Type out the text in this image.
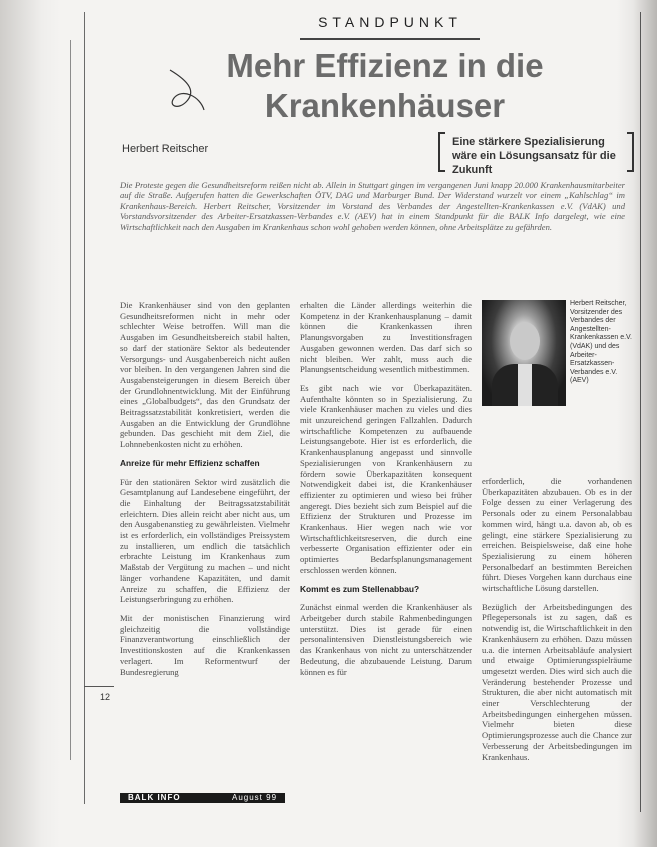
STANDPUNKT
Mehr Effizienz in die
Krankenhäuser
Herbert Reitscher
Eine stärkere Spezialisierung wäre ein Lösungsansatz für die Zukunft
Die Proteste gegen die Gesundheitsreform reißen nicht ab. Allein in Stuttgart gingen im vergangenen Juni knapp 20.000 Krankenhausmitarbeiter auf die Straße. Aufgerufen hatten die Gewerkschaften ÖTV, DAG und Marburger Bund. Der Widerstand wurzelt vor einem „Kahlschlag“ im Krankenhaus-Bereich. Herbert Reitscher, Vorsitzender im Vorstand des Verbandes der Angestellten-Krankenkassen e.V. (VdAK) und Vorstandsvorsitzender des Arbeiter-Ersatzkassen-Verbandes e.V. (AEV) hat in einem Standpunkt für die BALK Info dargelegt, wie eine Wirtschaftlichkeit nach den Ausgaben im Krankenhaus schon wohl gehoben werden können, ohne Arbeitsplätze zu gefährden.

Die Krankenhäuser sind von den geplanten Gesundheitsreformen nicht in mehr oder schlechter Weise betroffen. Will man die Ausgaben im Gesundheitsbereich stabil halten, so darf der stationäre Sektor als bedeutender Versorgungs- und Ausgabenbereich nicht außen vor bleiben. In den vergangenen Jahren sind die Ausgabensteigerungen in diesem Bereich über der Grundlohnentwicklung. Mit der Einführung eines „Globalbudgets“, das den Grundsatz der Beitragssatzstabilität konkretisiert, werden die Ausgaben an die Entwicklung der Grundlöhne gebunden. Das geschieht mit dem Ziel, die Lohnnebenkosten nicht zu erhöhen.

Anreize für mehr Effizienz schaffen

Für den stationären Sektor wird zusätzlich die Gesamtplanung auf Landesebene eingeführt, der die Einhaltung der Beitragssatzstabilität erleichtern. Dies allein reicht aber nicht aus, um den Ausgabenanstieg zu gewährleisten. Vielmehr ist es erforderlich, ein vollständiges Preissystem zu installieren, um endlich die tatsächlich erbrachte Leistung im Krankenhaus zum Maßstab der Vergütung zu machen – und nicht länger vorhandene Kapazitäten, und damit Anreize zu schaffen, die Effizienz der Leistungserbringung zu erhöhen.

Mit der monistischen Finanzierung wird gleichzeitig die vollständige Finanzverantwortung einschließlich der Investitionskosten auf die Krankenkassen verlagert. Im Reformentwurf der Bundesregierung

erhalten die Länder allerdings weiterhin die Kompetenz in der Krankenhausplanung – damit können die Krankenkassen ihren Planungsvorgaben zu Investitionsfragen Ausgaben gewonnen werden. Das darf sich so nicht bleiben. Wer zahlt, muss auch die Planungsentscheidung wesentlich mitbestimmen.

Es gibt nach wie vor Überkapazitäten. Aufenthalte könnten so in Spezialisierung. Zu viele Krankenhäuser machen zu vieles und dies mit unzureichend geringen Fallzahlen. Dadurch wirtschaftliche Kompetenzen zu aufbauende Leistungsangebote. Hier ist es erforderlich, die Krankenhausplanung angepasst und sinnvolle Spezialisierungen von Krankenhäusern zu fördern sowie Überkapazitäten konsequent Notwendigkeit dabei ist, die Krankenhäuser effizienter zu optimieren und wieso bei früher angeregt. Dies bezieht sich zum Beispiel auf die Effizienz der Strukturen und Prozesse im Krankenhaus. Hier wegen nach wie vor Wirtschaftlichkeitsreserven, die durch eine verbesserte Organisation effizienter oder ein optimiertes Bedarfsplanungsmanagement erschlossen werden können.

Kommt es zum Stellenabbau?

Zunächst einmal werden die Krankenhäuser als Arbeitgeber durch stabile Rahmenbedingungen unterstützt. Dies ist gerade für einen personalintensiven Dienstleistungsbereich wie das Krankenhaus von nicht zu unterschätzender Bedeutung, die abzubauende Leistung. Darum können es für

Herbert Reitscher, Vorsitzender des Verbandes der Angestellten-Krankenkassen e.V. (VdAK) und des Arbeiter-Ersatzkassen-Verbandes e.V. (AEV)

erforderlich, die vorhandenen Überkapazitäten abzubauen. Ob es in der Folge dessen zu einer Verlagerung des Personals oder zu einem Personalabbau kommen wird, hängt u.a. davon ab, ob es gelingt, eine stärkere Spezialisierung zu erreichen. Beispielsweise, daß eine hohe Spezialisierung zu einem höheren Personalbedarf an bestimmten Bereichen führt. Dieses Vorgehen kann durchaus eine wirtschaftliche Lösung darstellen.

Bezüglich der Arbeitsbedingungen des Pflegepersonals ist zu sagen, daß es notwendig ist, die Wirtschaftlichkeit in den Krankenhäusern zu erhöhen. Dazu müssen u.a. die internen Arbeitsabläufe analysiert und etwaige Optimierungsspielräume umgesetzt werden. Dies wird sich auch die Veränderung bestehender Prozesse und Strukturen, die aber nicht automatisch mit einer Verschlechterung der Arbeitsbedingungen einhergehen müssen. Vielmehr bieten diese Optimierungsprozesse auch die Chance zur Verbesserung der Arbeitsbedingungen im Krankenhaus.

12
BALK INFO	August 99
